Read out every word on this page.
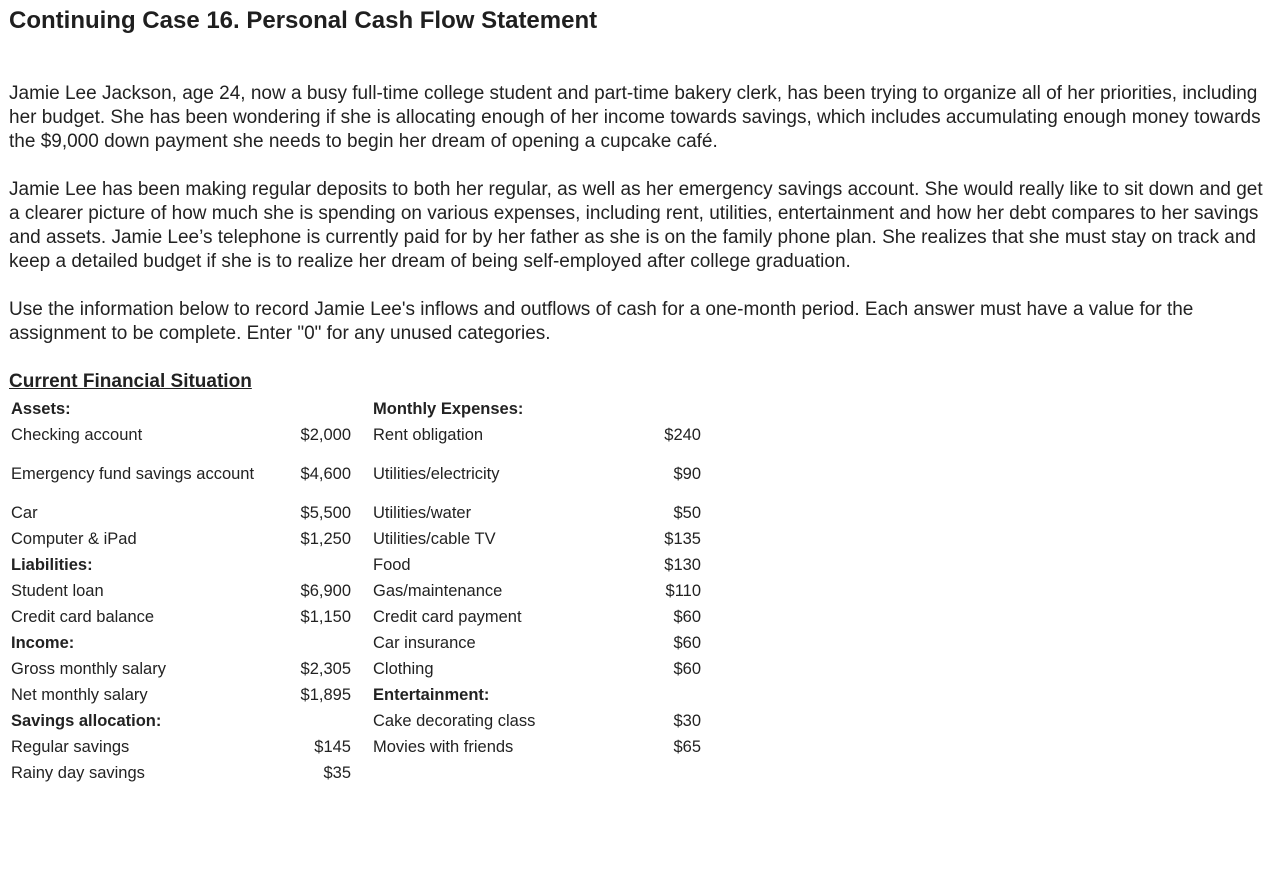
Continuing Case 16. Personal Cash Flow Statement

Jamie Lee Jackson, age 24, now a busy full-time college student and part-time bakery clerk, has been trying to organize all of her priorities, including her budget. She has been wondering if she is allocating enough of her income towards savings, which includes accumulating enough money towards the $9,000 down payment she needs to begin her dream of opening a cupcake café.

Jamie Lee has been making regular deposits to both her regular, as well as her emergency savings account. She would really like to sit down and get a clearer picture of how much she is spending on various expenses, including rent, utilities, entertainment and how her debt compares to her savings and assets. Jamie Lee’s telephone is currently paid for by her father as she is on the family phone plan. She realizes that she must stay on track and keep a detailed budget if she is to realize her dream of being self-employed after college graduation.

Use the information below to record Jamie Lee's inflows and outflows of cash for a one-month period. Each answer must have a value for the assignment to be complete. Enter "0" for any unused categories.

Current Financial Situation
Assets:		Monthly Expenses:	
Checking account	$2,000	Rent obligation	$240
Emergency fund savings account	$4,600	Utilities/electricity	$90
Car	$5,500	Utilities/water	$50
Computer & iPad	$1,250	Utilities/cable TV	$135
Liabilities:		Food	$130
Student loan	$6,900	Gas/maintenance	$110
Credit card balance	$1,150	Credit card payment	$60
Income:		Car insurance	$60
Gross monthly salary	$2,305	Clothing	$60
Net monthly salary	$1,895	Entertainment:	
Savings allocation:		Cake decorating class	$30
Regular savings	$145	Movies with friends	$65
Rainy day savings	$35		
